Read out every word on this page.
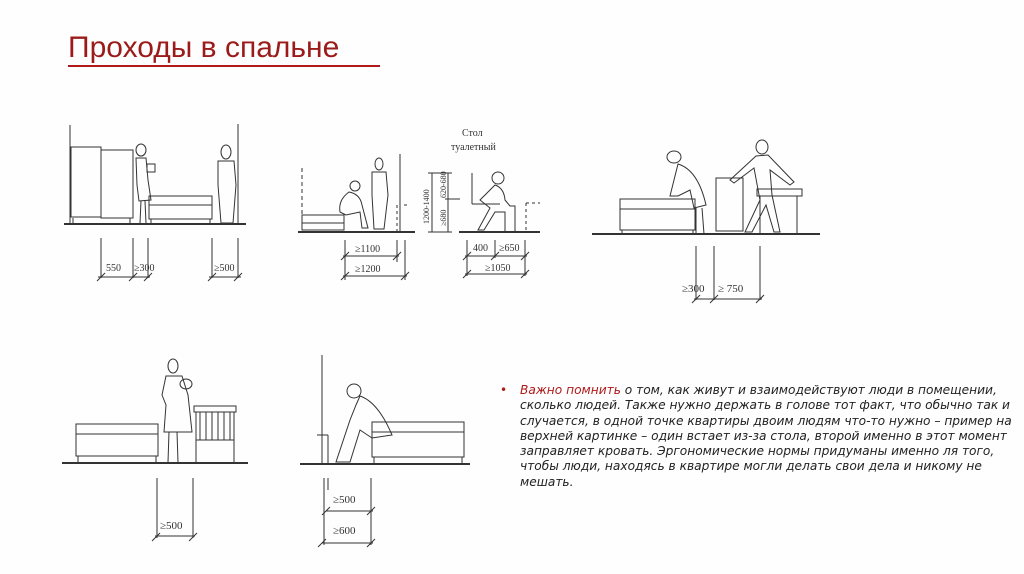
Проходы в спальне
550 ≥300	≥500
≥1100
≥1200
Стол
туалетный
1200-1400
620-680
≥680
400 ≥650
≥1050
≥300 ≥ 750
≥500
≥500
≥600
•	Важно помнить о том, как живут и взаимодействуют люди в помещении, сколько людей. Также нужно держать в голове тот факт, что обычно так и случается, в одной точке квартиры двоим людям что-то нужно – пример на верхней картинке – один встает из-за стола, второй именно в этот момент заправляет кровать. Эргономические нормы придуманы именно ля того, чтобы люди, находясь в квартире могли делать свои дела и никому не мешать.
